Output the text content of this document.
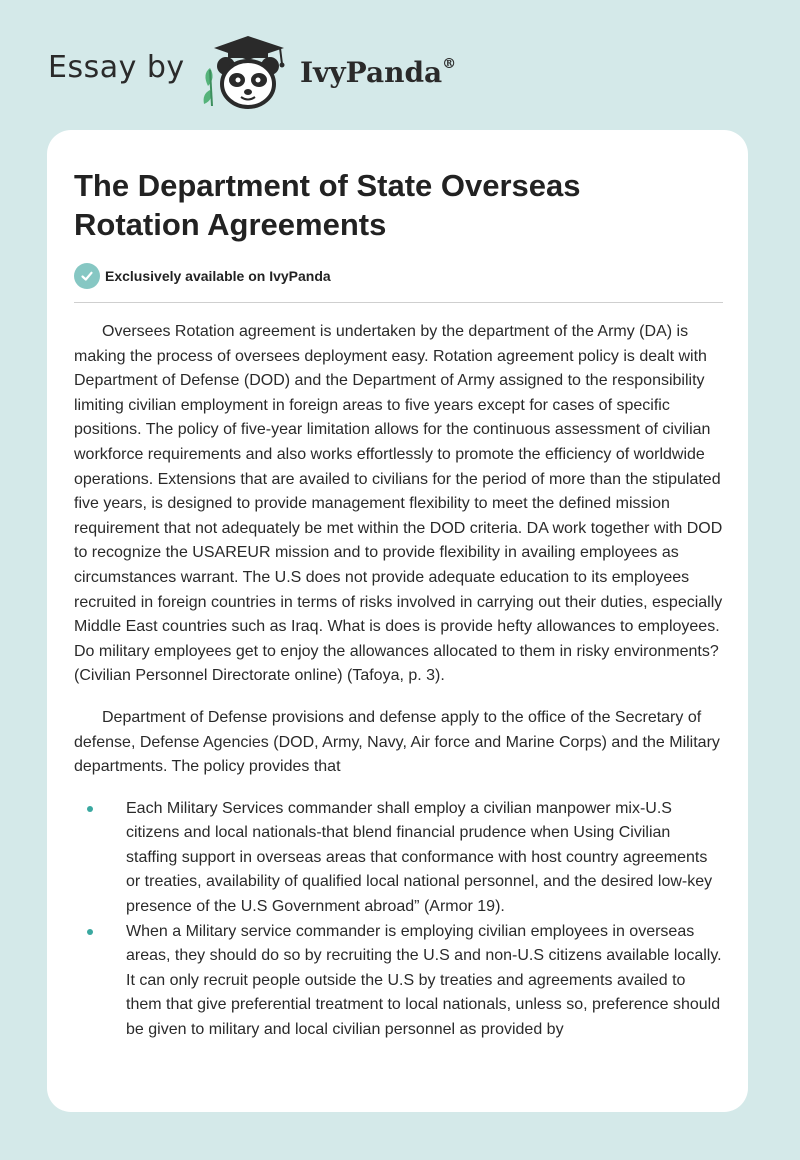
Essay by	IvyPanda®
The Department of State Overseas Rotation Agreements
Exclusively available on IvyPanda

Oversees Rotation agreement is undertaken by the department of the Army (DA) is making the process of oversees deployment easy. Rotation agreement policy is dealt with Department of Defense (DOD) and the Department of Army assigned to the responsibility limiting civilian employment in foreign areas to five years except for cases of specific positions. The policy of five-year limitation allows for the continuous assessment of civilian workforce requirements and also works effortlessly to promote the efficiency of worldwide operations. Extensions that are availed to civilians for the period of more than the stipulated five years, is designed to provide management flexibility to meet the defined mission requirement that not adequately be met within the DOD criteria. DA work together with DOD to recognize the USAREUR mission and to provide flexibility in availing employees as circumstances warrant. The U.S does not provide adequate education to its employees recruited in foreign countries in terms of risks involved in carrying out their duties, especially Middle East countries such as Iraq. What is does is provide hefty allowances to employees. Do military employees get to enjoy the allowances allocated to them in risky environments? (Civilian Personnel Directorate online) (Tafoya, p. 3).

Department of Defense provisions and defense apply to the office of the Secretary of defense, Defense Agencies (DOD, Army, Navy, Air force and Marine Corps) and the Military departments. The policy provides that

Each Military Services commander shall employ a civilian manpower mix-U.S citizens and local nationals-that blend financial prudence when Using Civilian staffing support in overseas areas that conformance with host country agreements or treaties, availability of qualified local national personnel, and the desired low-key presence of the U.S Government abroad” (Armor 19).
When a Military service commander is employing civilian employees in overseas areas, they should do so by recruiting the U.S and non-U.S citizens available locally. It can only recruit people outside the U.S by treaties and agreements availed to them that give preferential treatment to local nationals, unless so, preference should be given to military and local civilian personnel as provided by
